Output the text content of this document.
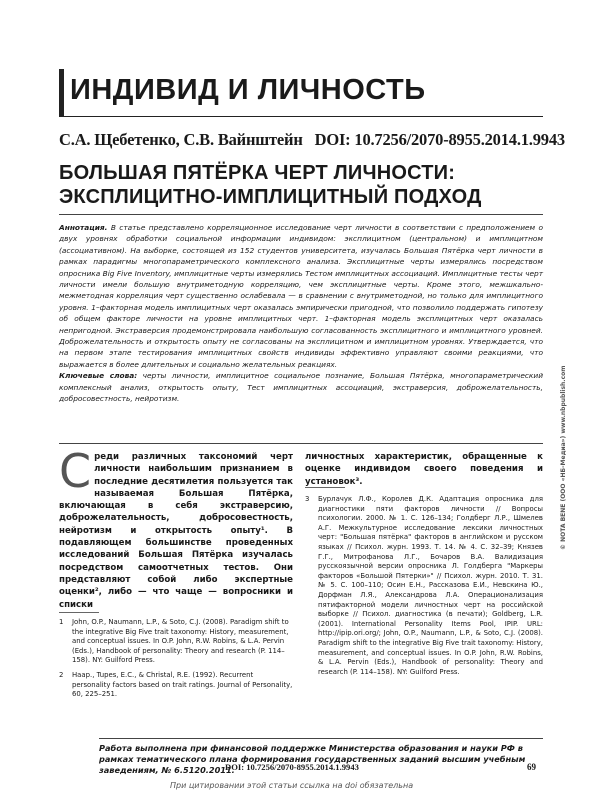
ИНДИВИД И ЛИЧНОСТЬ
С.А. Щебетенко, С.В. Вайнштейн DOI: 10.7256/2070-8955.2014.1.9943
БОЛЬШАЯ ПЯТЁРКА ЧЕРТ ЛИЧНОСТИ:
ЭКСПЛИЦИТНО-ИМПЛИЦИТНЫЙ ПОДХОД

Аннотация. В статье представлено корреляционное исследование черт личности в соответствии с предположением о двух уровнях обработки социальной информации индивидом: эксплицитном (центральном) и имплицитном (ассоциативном). На выборке, состоящей из 152 студентов университета, изучалась Большая Пятёрка черт личности в рамках парадигмы многопараметрического комплексного анализа. Эксплицитные черты измерялись посредством опросника Big Five Inventory, имплицитные черты измерялись Тестом имплицитных ассоциаций. Имплицитные тесты черт личности имели большую внутриметодную корреляцию, чем эксплицитные черты. Кроме этого, межшкально-межметодная корреляция черт существенно ослабевала — в сравнении с внутриметодной, но только для имплицитного уровня. 1–факторная модель имплицитных черт оказалась эмпирически пригодной, что позволило поддержать гипотезу об общем факторе личности на уровне имплицитных черт. 1–факторная модель эксплицитных черт оказалась непригодной. Экстраверсия продемонстрировала наибольшую согласованность эксплицитного и имплицитного уровней. Доброжелательность и открытость опыту не согласованы на эксплицитном и имплицитном уровнях. Утверждается, что на первом этапе тестирования имплицитных свойств индивиды эффективно управляют своими реакциями, что выражается в более длительных и социально желательных реакциях.

Ключевые слова: черты личности, имплицитное социальное познание, Большая Пятёрка, многопараметрический комплексный анализ, открытость опыту, Тест имплицитных ассоциаций, экстраверсия, доброжелательность, добросовестность, нейротизм.

С реди различных таксономий черт личности наибольшим признанием в последние десятилетия пользуется так называемая Большая Пятёрка, включающая в себя экстраверсию, доброжелательность, добросовестность, нейротизм и открытость опыту¹. В подавляющем большинстве проведенных исследований Большая Пятёрка изучалась посредством самоотчетных тестов. Они представляют собой либо экспертные оценки², либо — что чаще — вопросники и списки

личностных характеристик, обращенные к оценке индивидом своего поведения и установок³.

1	John, O.P., Naumann, L.P., & Soto, C.J. (2008). Paradigm shift to the integrative Big Five trait taxonomy: History, measurement, and conceptual issues. In O.P. John, R.W. Robins, & L.A. Pervin (Eds.), Handbook of personality: Theory and research (P. 114–158). NY: Guilford Press.

2	Haap., Tupes, E.C., & Christal, R.E. (1992). Recurrent personality factors based on trait ratings. Journal of Personality, 60, 225–251.

3	Бурлачук Л.Ф., Королев Д.К. Адаптация опросника для диагностики пяти факторов личности // Вопросы психологии. 2000. № 1. С. 126–134; Голдберг Л.Р., Шмелев А.Г. Межкультурное исследование лексики личностных черт: "Большая пятёрка" факторов в английском и русском языках // Психол. журн. 1993. Т. 14. № 4. С. 32–39; Князев Г.Г., Митрофанова Л.Г., Бочаров В.А. Валидизация русскоязычной версии опросника Л. Голдберга "Маркеры факторов «Большой Пятерки»" // Психол. журн. 2010. Т. 31. № 5. С. 100–110; Осин Е.Н., Рассказова Е.И., Невскина Ю., Дорфман Л.Я., Александрова Л.А. Операционализация пятифакторной модели личностных черт на российской выборке // Психол. диагностика (в печати); Goldberg, L.R. (2001). International Personality Items Pool, IPIP. URL: http://ipip.ori.org/; John, O.P., Naumann, L.P., & Soto, C.J. (2008). Paradigm shift to the integrative Big Five trait taxonomy: History, measurement, and conceptual issues. In O.P. John, R.W. Robins, & L.A. Pervin (Eds.), Handbook of personality: Theory and research (P. 114–158). NY: Guilford Press.

Работа выполнена при финансовой поддержке Министерства образования и науки РФ в рамках тематического плана формирования государственных заданий высшим учебным заведениям, № 6.5120.2011.
DOI: 10.7256/2070-8955.2014.1.9943	69
При цитировании этой статьи ссылка на doi обязательна
© NOTA BENE (ООО «НБ-Медиа») www.nbpublish.com
